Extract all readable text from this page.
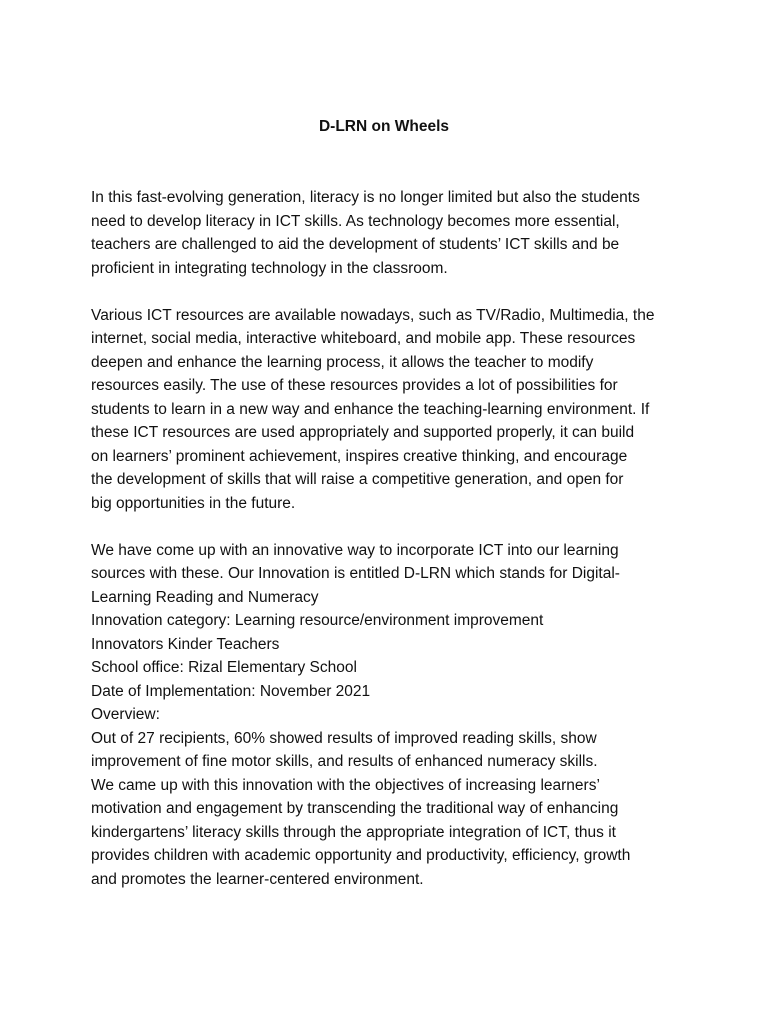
D-LRN on Wheels
In this fast-evolving generation, literacy is no longer limited but also the students
need to develop literacy in ICT skills. As technology becomes more essential,
teachers are challenged to aid the development of students’ ICT skills and be
proficient in integrating technology in the classroom.
Various ICT resources are available nowadays, such as TV/Radio, Multimedia, the
internet, social media, interactive whiteboard, and mobile app. These resources
deepen and enhance the learning process, it allows the teacher to modify
resources easily. The use of these resources provides a lot of possibilities for
students to learn in a new way and enhance the teaching-learning environment. If
these ICT resources are used appropriately and supported properly, it can build
on learners’ prominent achievement, inspires creative thinking, and encourage
the development of skills that will raise a competitive generation, and open for
big opportunities in the future.
We have come up with an innovative way to incorporate ICT into our learning
sources with these. Our Innovation is entitled D-LRN which stands for Digital-
Learning Reading and Numeracy
Innovation category: Learning resource/environment improvement
Innovators Kinder Teachers
School office: Rizal Elementary School
Date of Implementation: November 2021
Overview:
Out of 27 recipients, 60% showed results of improved reading skills, show
improvement of fine motor skills, and results of enhanced numeracy skills.
We came up with this innovation with the objectives of increasing learners’
motivation and engagement by transcending the traditional way of enhancing
kindergartens’ literacy skills through the appropriate integration of ICT, thus it
provides children with academic opportunity and productivity, efficiency, growth
and promotes the learner-centered environment.
